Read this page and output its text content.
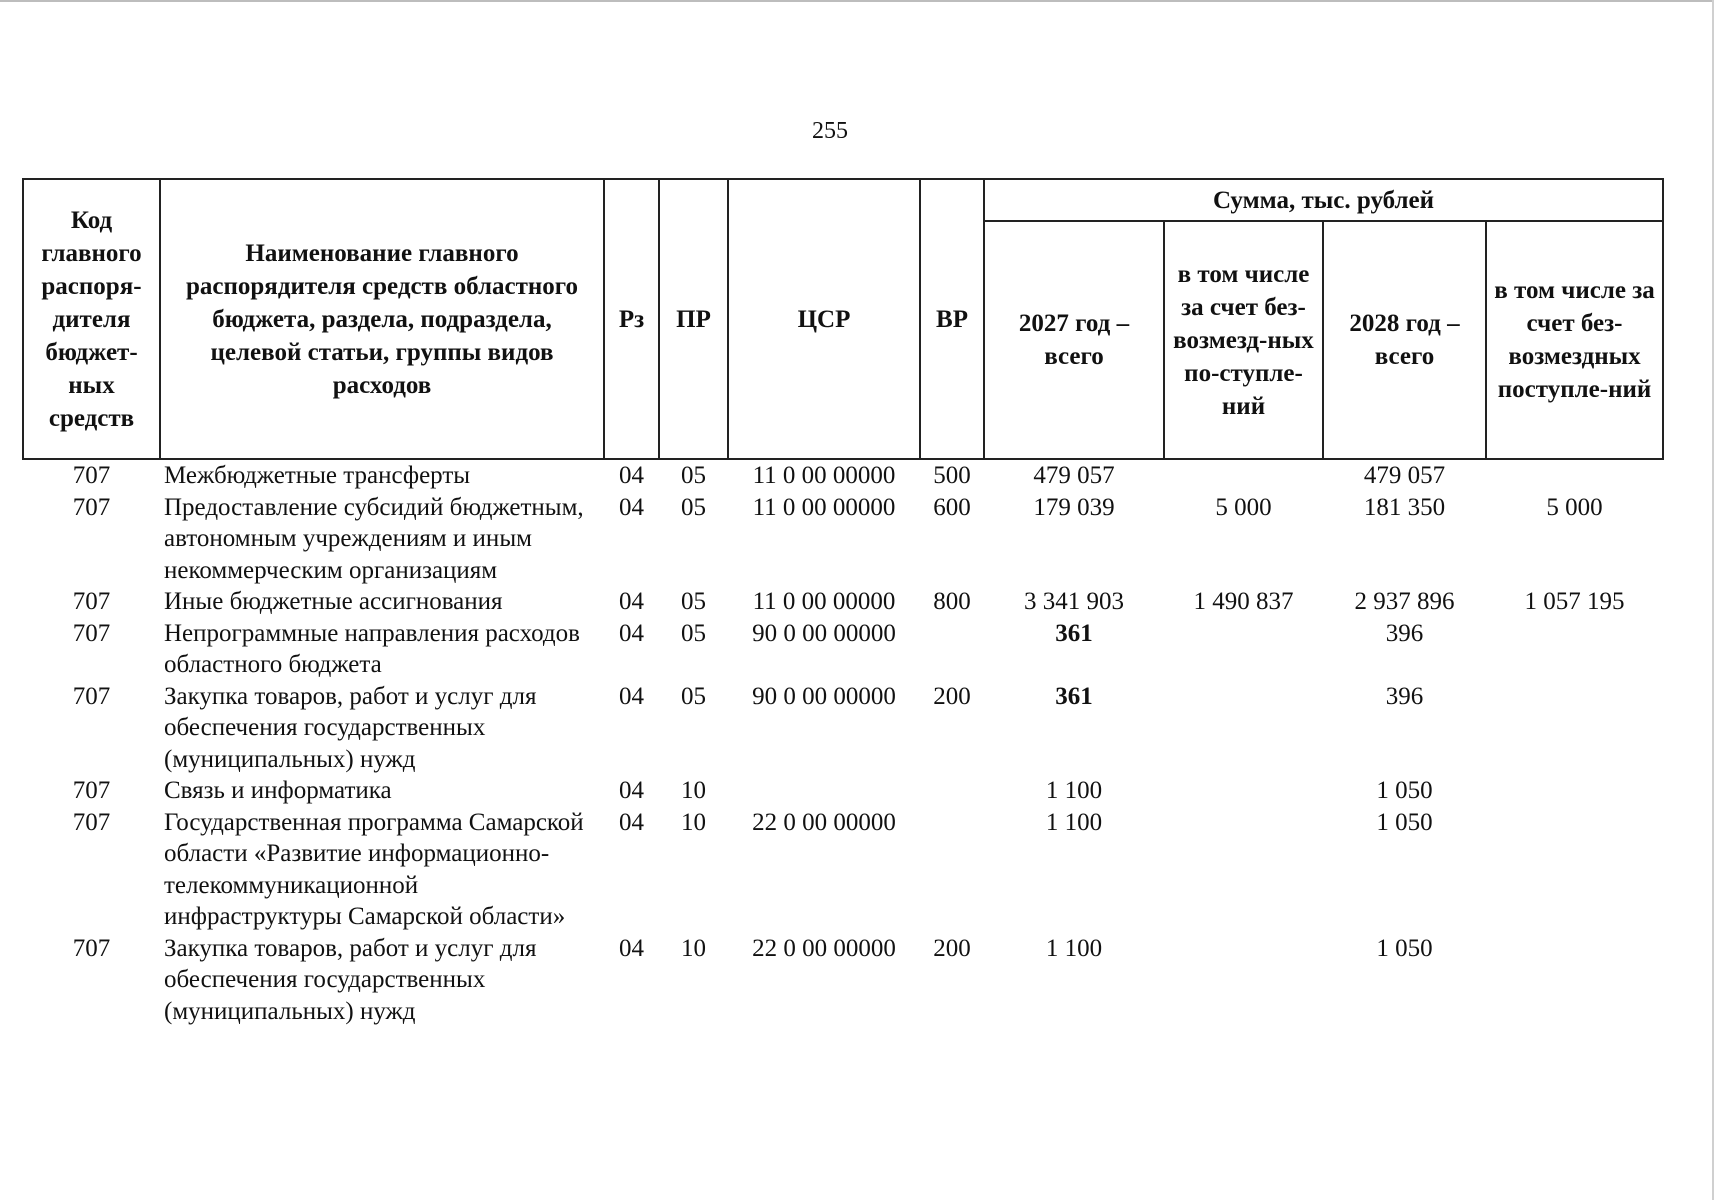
255
Код главного распоря-дителя бюджет-ных средств	Наименование главного распорядителя средств областного бюджета, раздела, подраздела, целевой статьи, группы видов расходов	Рз	ПР	ЦСР	ВР	Сумма, тыс. рублей			
						2027 год – всего	в том числе за счет без-возмезд-ных по-ступле-ний	2028 год – всего	в том числе за счет без-возмездных поступле-ний
707	Межбюджетные трансферты	04	05	11 0 00 00000	500	479 057		479 057	
707	Предоставление субсидий бюджетным, автономным учреждениям и иным некоммерческим организациям	04	05	11 0 00 00000	600	179 039	5 000	181 350	5 000
707	Иные бюджетные ассигнования	04	05	11 0 00 00000	800	3 341 903	1 490 837	2 937 896	1 057 195
707	Непрограммные направления расходов областного бюджета	04	05	90 0 00 00000		361		396	
707	Закупка товаров, работ и услуг для обеспечения государственных (муниципальных) нужд	04	05	90 0 00 00000	200	361		396	
707	Связь и информатика	04	10			1 100		1 050	
707	Государственная программа Самарской области «Развитие информационно-телекоммуникационной инфраструктуры Самарской области»	04	10	22 0 00 00000		1 100		1 050	
707	Закупка товаров, работ и услуг для обеспечения государственных (муниципальных) нужд	04	10	22 0 00 00000	200	1 100		1 050	
